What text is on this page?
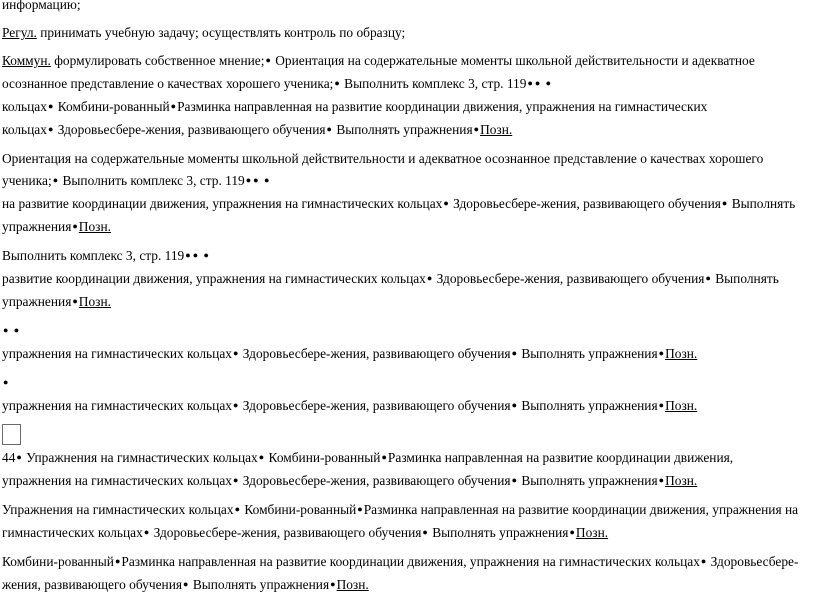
информацию;

Регул. принимать учебную задачу; осуществлять контроль по образцу;

Коммун. формулировать собственное мнение;● Ориентация на содержательные моменты школьной действительности и адекватное
осознанное представление о качествах хорошего ученика;● Выполнить комплекс 3, стр. 119● ● ●
кольцах● Комбини-рованный●Разминка направленная на развитие координации движения, упражнения на гимнастических
кольцах● Здоровьесбере-жения, развивающего обучения● Выполнять упражнения●Позн.

Ориентация на содержательные моменты школьной действительности и адекватное осознанное представление о качествах хорошего
ученика;● Выполнить комплекс 3, стр. 119● ● ●
на развитие координации движения, упражнения на гимнастических кольцах● Здоровьесбере-жения, развивающего обучения● Выполнять
упражнения●Позн.

Выполнить комплекс 3, стр. 119● ● ●
развитие координации движения, упражнения на гимнастических кольцах● Здоровьесбере-жения, развивающего обучения● Выполнять
упражнения●Позн.

● ●
упражнения на гимнастических кольцах● Здоровьесбере-жения, развивающего обучения● Выполнять упражнения●Позн.

●
упражнения на гимнастических кольцах● Здоровьесбере-жения, развивающего обучения● Выполнять упражнения●Позн.

44● Упражнения на гимнастических кольцах● Комбини-рованный●Разминка направленная на развитие координации движения,
упражнения на гимнастических кольцах● Здоровьесбере-жения, развивающего обучения● Выполнять упражнения●Позн.

Упражнения на гимнастических кольцах● Комбини-рованный●Разминка направленная на развитие координации движения, упражнения на
гимнастических кольцах● Здоровьесбере-жения, развивающего обучения● Выполнять упражнения●Позн.

Комбини-рованный●Разминка направленная на развитие координации движения, упражнения на гимнастических кольцах● Здоровьесбере-
жения, развивающего обучения● Выполнять упражнения●Позн.
